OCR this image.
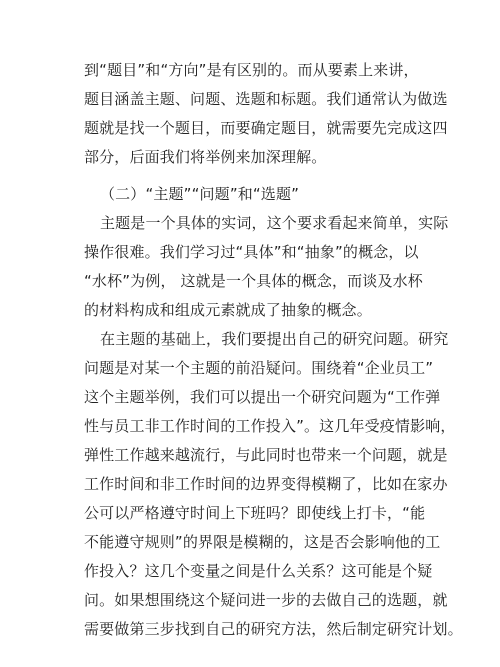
到“题目”和“方向”是有区别的。而从要素上来讲，
题目涵盖主题、问题、选题和标题。我们通常认为做选
题就是找一个题目，而要确定题目，就需要先完成这四
部分，后面我们将举例来加深理解。
（二）“主题”“问题”和“选题”
主题是一个具体的实词，这个要求看起来简单，实际
操作很难。我们学习过“具体”和“抽象”的概念，以
“水杯”为例， 这就是一个具体的概念，而谈及水杯
的材料构成和组成元素就成了抽象的概念。
在主题的基础上，我们要提出自己的研究问题。研究
问题是对某一个主题的前沿疑问。围绕着“企业员工”
这个主题举例，我们可以提出一个研究问题为“工作弹
性与员工非工作时间的工作投入”。这几年受疫情影响，
弹性工作越来越流行，与此同时也带来一个问题，就是
工作时间和非工作时间的边界变得模糊了，比如在家办
公可以严格遵守时间上下班吗？即使线上打卡，“能
不能遵守规则”的界限是模糊的，这是否会影响他的工
作投入？这几个变量之间是什么关系？这可能是个疑
问。如果想围绕这个疑问进一步的去做自己的选题，就
需要做第三步找到自己的研究方法，然后制定研究计划。
